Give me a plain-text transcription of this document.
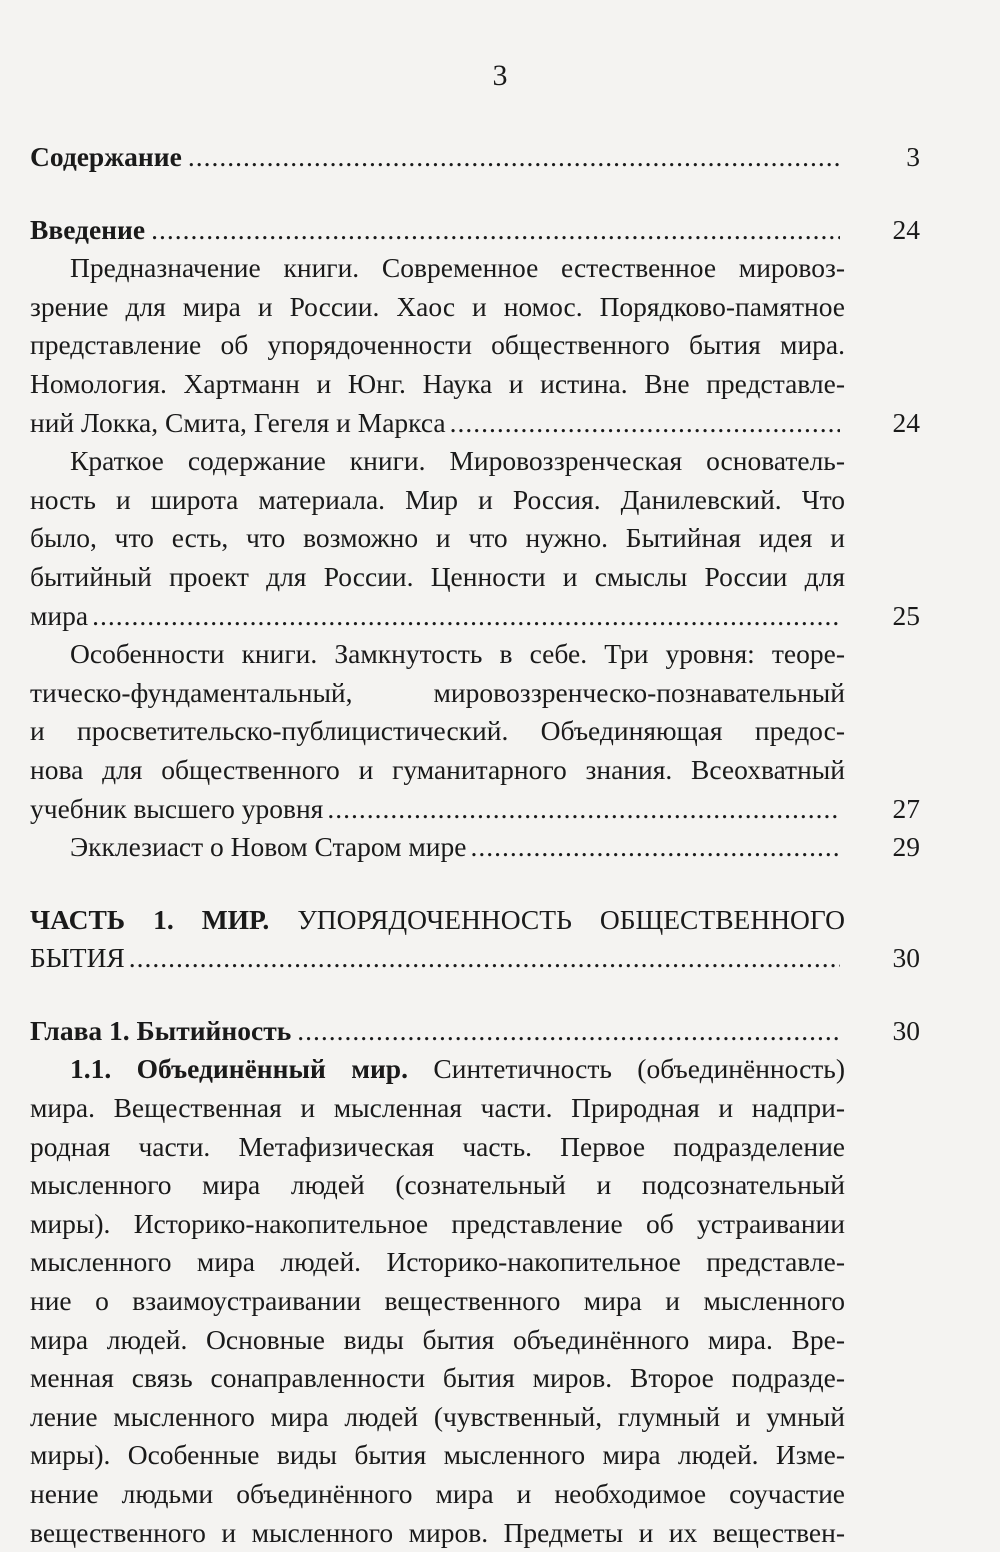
3
Содержание .....	3
Введение .....	24
Предназначение книги. Современное естественное мировоз-
зрение для мира и России. Хаос и номос. Порядково-памятное
представление об упорядоченности общественного бытия мира.
Номология. Хартманн и Юнг. Наука и истина. Вне представле-
ний Локка, Смита, Гегеля и Маркса .....	24
Краткое содержание книги. Мировоззренческая основатель-
ность и широта материала. Мир и Россия. Данилевский. Что
было, что есть, что возможно и что нужно. Бытийная идея и
бытийный проект для России. Ценности и смыслы России для
мира .....	25
Особенности книги. Замкнутость в себе. Три уровня: теоре-
тическо-фундаментальный, мировоззренческо-познавательный
и просветительско-публицистический. Объединяющая предос-
нова для общественного и гуманитарного знания. Всеохватный
учебник высшего уровня .....	27
Экклезиаст о Новом Старом мире .....	29
ЧАСТЬ 1. МИР. УПОРЯДОЧЕННОСТЬ ОБЩЕСТВЕННОГО
БЫТИЯ .....	30
Глава 1. Бытийность .....	30
1.1. Объединённый мир. Синтетичность (объединённость)
мира. Вещественная и мысленная части. Природная и надпри-
родная части. Метафизическая часть. Первое подразделение
мысленного мира людей (сознательный и подсознательный
миры). Историко-накопительное представление об устраивании
мысленного мира людей. Историко-накопительное представле-
ние о взаимоустраивании вещественного мира и мысленного
мира людей. Основные виды бытия объединённого мира. Вре-
менная связь сонаправленности бытия миров. Второе подразде-
ление мысленного мира людей (чувственный, глумный и умный
миры). Особенные виды бытия мысленного мира людей. Изме-
нение людьми объединённого мира и необходимое соучастие
вещественного и мысленного миров. Предметы и их веществен-
